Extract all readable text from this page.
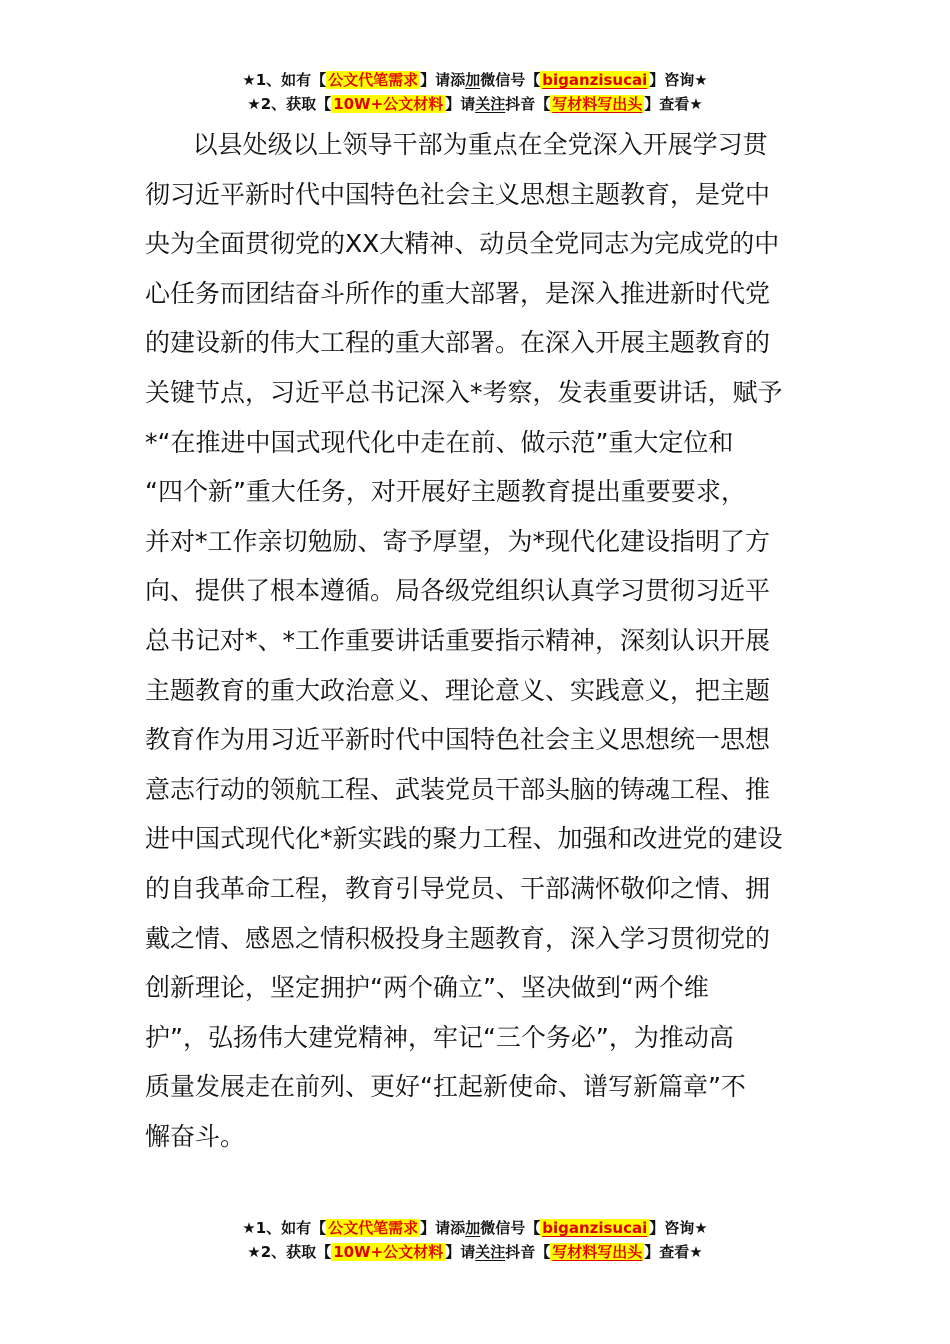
★1、如有【 公文代笔需求 】请添加微信号【 biganzisucai 】咨询★
★2、获取【 10W+公文材料 】请关注抖音【 写材料写出头 】查看★
以县处级以上领导干部为重点在全党深入开展学习贯
彻习近平新时代中国特色社会主义思想主题教育，是党中
央为全面贯彻党的XX大精神、动员全党同志为完成党的中
心任务而团结奋斗所作的重大部署，是深入推进新时代党
的建设新的伟大工程的重大部署。在深入开展主题教育的
关键节点，习近平总书记深入*考察，发表重要讲话，赋予
*“在推进中国式现代化中走在前、做示范”重大定位和
“四个新”重大任务，对开展好主题教育提出重要要求，
并对*工作亲切勉励、寄予厚望，为*现代化建设指明了方
向、提供了根本遵循。局各级党组织认真学习贯彻习近平
总书记对*、*工作重要讲话重要指示精神，深刻认识开展
主题教育的重大政治意义、理论意义、实践意义，把主题
教育作为用习近平新时代中国特色社会主义思想统一思想
意志行动的领航工程、武装党员干部头脑的铸魂工程、推
进中国式现代化*新实践的聚力工程、加强和改进党的建设
的自我革命工程，教育引导党员、干部满怀敬仰之情、拥
戴之情、感恩之情积极投身主题教育，深入学习贯彻党的
创新理论，坚定拥护“两个确立”、坚决做到“两个维
护”，弘扬伟大建党精神，牢记“三个务必”，为推动高
质量发展走在前列、更好“扛起新使命、谱写新篇章”不
懈奋斗。
★1、如有【 公文代笔需求 】请添加微信号【 biganzisucai 】咨询★
★2、获取【 10W+公文材料 】请关注抖音【 写材料写出头 】查看★
